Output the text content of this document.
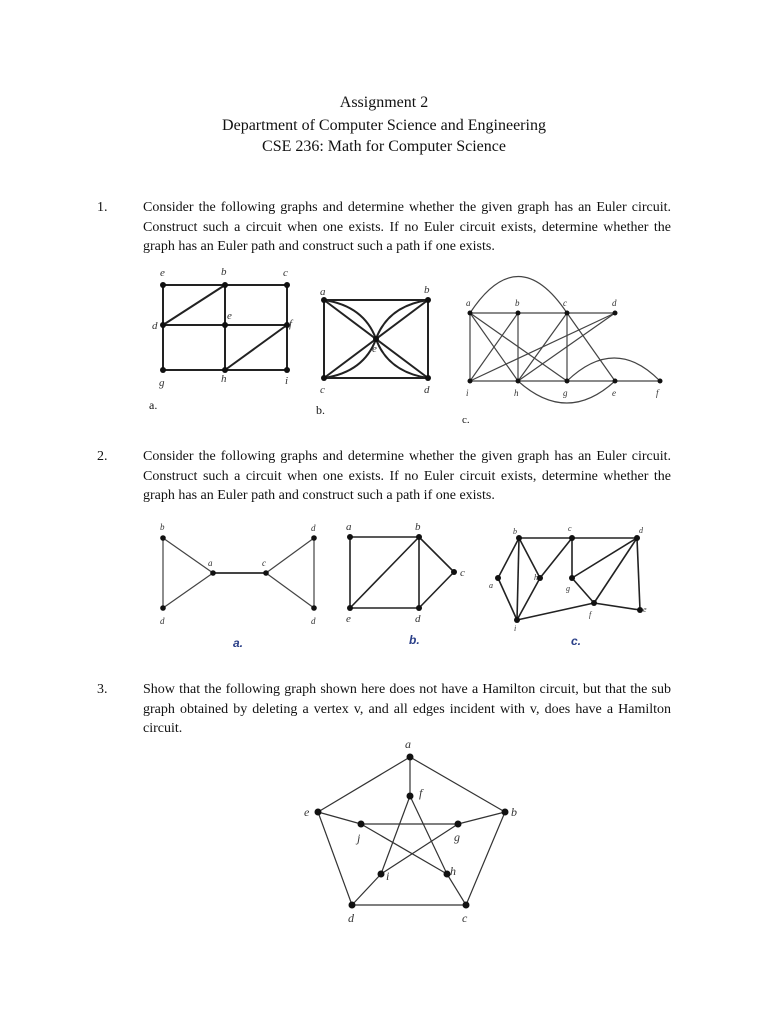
Assignment 2
Department of Computer Science and Engineering
CSE 236: Math for Computer Science
1.	Consider the following graphs and determine whether the given graph has an Euler circuit. Construct such a circuit when one exists. If no Euler circuit exists, determine whether the graph has an Euler path and construct such a path if one exists.
a.	b.
c.
2.	Consider the following graphs and determine whether the given graph has an Euler circuit. Construct such a circuit when one exists. If no Euler circuit exists, determine whether the graph has an Euler path and construct such a path if one exists.
a.	b.	c.
3.	Show that the following graph shown here does not have a Hamilton circuit, but that the sub graph obtained by deleting a vertex v, and all edges incident with v, does have a Hamilton circuit.
e	b	c
d
e
f
g	h	i
a	b
e
c	d
a	b	c	d
i	h	g	e	f
b
a
d
c
d
d
a	b
c
e	d
b	c	d
a
h
g
f
e
i
a
b
c
d
e
f
g
h
i
j
